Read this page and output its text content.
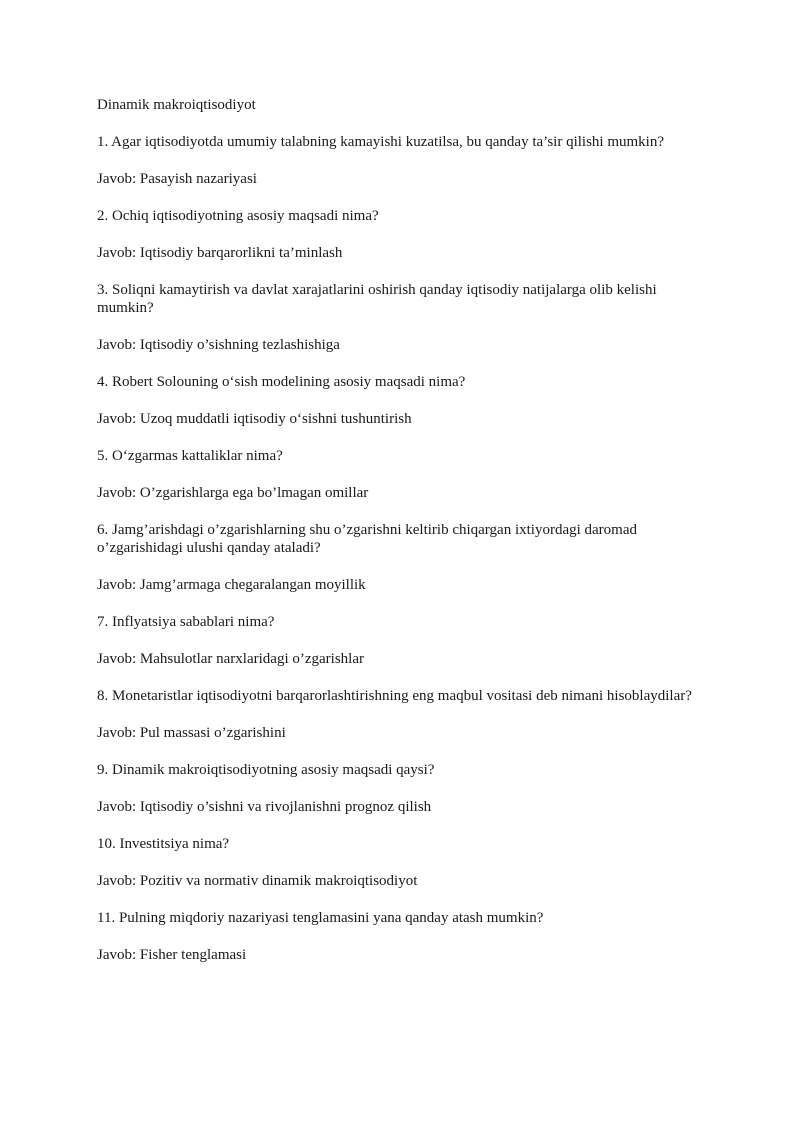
Dinamik makroiqtisodiyot

1. Agar iqtisodiyotda umumiy talabning kamayishi kuzatilsa, bu qanday ta’sir qilishi mumkin?

Javob: Pasayish nazariyasi

2. Ochiq iqtisodiyotning asosiy maqsadi nima?

Javob: Iqtisodiy barqarorlikni ta’minlash

3. Soliqni kamaytirish va davlat xarajatlarini oshirish qanday iqtisodiy natijalarga olib kelishi mumkin?

Javob: Iqtisodiy o’sishning tezlashishiga

4. Robert Solouning o‘sish modelining asosiy maqsadi nima?

Javob: Uzoq muddatli iqtisodiy o‘sishni tushuntirish

5. O‘zgarmas kattaliklar nima?

Javob: O’zgarishlarga ega bo’lmagan omillar

6. Jamg’arishdagi o’zgarishlarning shu o’zgarishni keltirib chiqargan ixtiyordagi daromad o’zgarishidagi ulushi qanday ataladi?

Javob: Jamg’armaga chegaralangan moyillik

7. Inflyatsiya sabablari nima?

Javob: Mahsulotlar narxlaridagi o’zgarishlar

8. Monetaristlar iqtisodiyotni barqarorlashtirishning eng maqbul vositasi deb nimani hisoblaydilar?

Javob: Pul massasi o’zgarishini

9. Dinamik makroiqtisodiyotning asosiy maqsadi qaysi?

Javob: Iqtisodiy o’sishni va rivojlanishni prognoz qilish

10. Investitsiya nima?

Javob: Pozitiv va normativ dinamik makroiqtisodiyot

11. Pulning miqdoriy nazariyasi tenglamasini yana qanday atash mumkin?

Javob: Fisher tenglamasi
